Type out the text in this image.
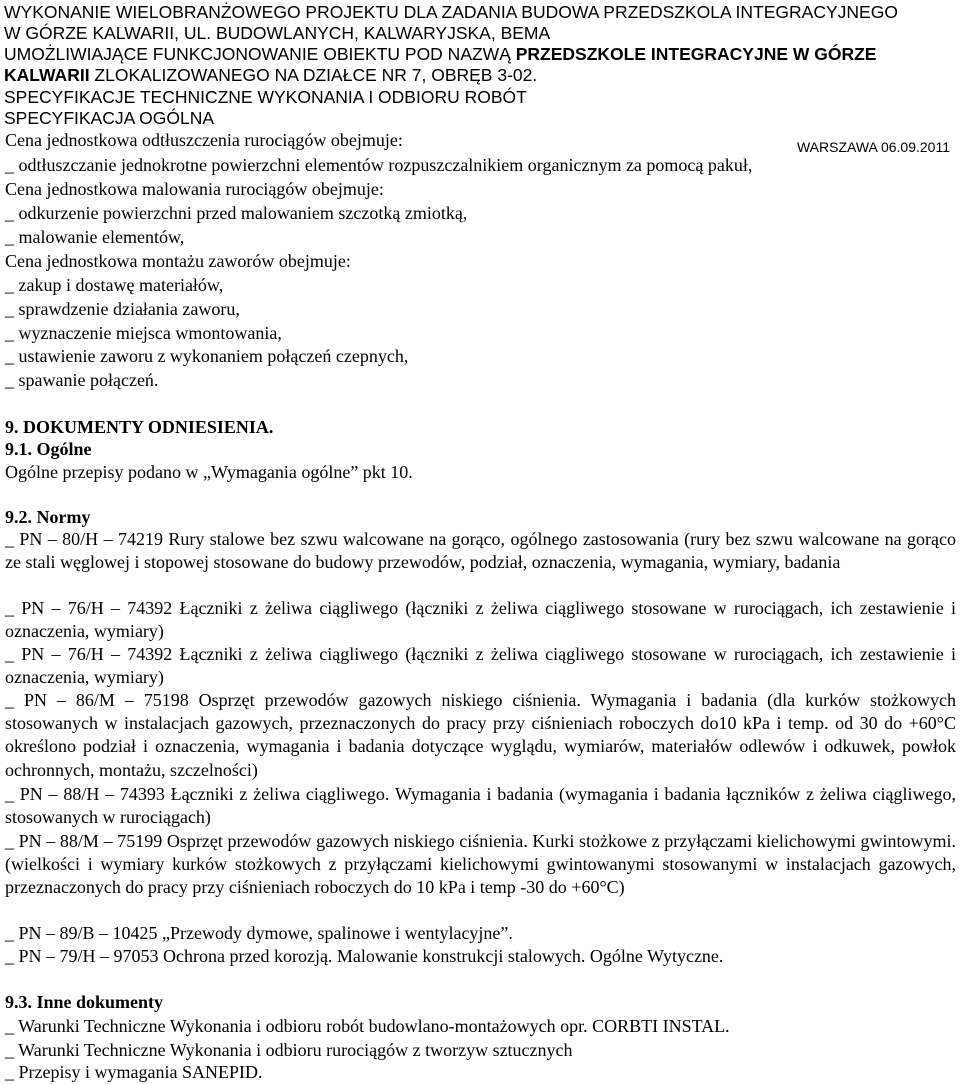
WYKONANIE WIELOBRANŻOWEGO PROJEKTU DLA ZADANIA BUDOWA PRZEDSZKOLA INTEGRACYJNEGO
W GÓRZE KALWARII, UL. BUDOWLANYCH, KALWARYJSKA, BEMA
UMOŻLIWIAJĄCE FUNKCJONOWANIE OBIEKTU POD NAZWĄ PRZEDSZKOLE INTEGRACYJNE W GÓRZE
KALWARII ZLOKALIZOWANEGO NA DZIAŁCE NR 7, OBRĘB 3-02.
SPECYFIKACJE TECHNICZNE WYKONANIA I ODBIORU ROBÓT
SPECYFIKACJA OGÓLNA
WARSZAWA 06.09.2011
Cena jednostkowa odtłuszczenia rurociągów obejmuje:
_ odtłuszczanie jednokrotne powierzchni elementów rozpuszczalnikiem organicznym za pomocą pakuł,
Cena jednostkowa malowania rurociągów obejmuje:
_ odkurzenie powierzchni przed malowaniem szczotką zmiotką,
_ malowanie elementów,
Cena jednostkowa montażu zaworów obejmuje:
_ zakup i dostawę materiałów,
_ sprawdzenie działania zaworu,
_ wyznaczenie miejsca wmontowania,
_ ustawienie zaworu z wykonaniem połączeń czepnych,
_ spawanie połączeń.
9. DOKUMENTY ODNIESIENIA.
9.1. Ogólne
Ogólne przepisy podano w „Wymagania ogólne” pkt 10.
9.2. Normy
_ PN – 80/H – 74219 Rury stalowe bez szwu walcowane na gorąco, ogólnego zastosowania (rury bez szwu walcowane na gorąco ze stali węglowej i stopowej stosowane do budowy przewodów, podział, oznaczenia, wymagania, wymiary, badania
_ PN – 76/H – 74392 Łączniki z żeliwa ciągliwego (łączniki z żeliwa ciągliwego stosowane w rurociągach, ich zestawienie i oznaczenia, wymiary)
_ PN – 76/H – 74392 Łączniki z żeliwa ciągliwego (łączniki z żeliwa ciągliwego stosowane w rurociągach, ich zestawienie i oznaczenia, wymiary)
_ PN – 86/M – 75198 Osprzęt przewodów gazowych niskiego ciśnienia. Wymagania i badania (dla kurków stożkowych stosowanych w instalacjach gazowych, przeznaczonych do pracy przy ciśnieniach roboczych do10 kPa i temp. od 30 do +60°C określono podział i oznaczenia, wymagania i badania dotyczące wyglądu, wymiarów, materiałów odlewów i odkuwek, powłok ochronnych, montażu, szczelności)
_ PN – 88/H – 74393 Łączniki z żeliwa ciągliwego. Wymagania i badania (wymagania i badania łączników z żeliwa ciągliwego, stosowanych w rurociągach)
_ PN – 88/M – 75199 Osprzęt przewodów gazowych niskiego ciśnienia. Kurki stożkowe z przyłączami kielichowymi gwintowymi. (wielkości i wymiary kurków stożkowych z przyłączami kielichowymi gwintowanymi stosowanymi w instalacjach gazowych, przeznaczonych do pracy przy ciśnieniach roboczych do 10 kPa i temp -30 do +60°C)
_ PN – 89/B – 10425 „Przewody dymowe, spalinowe i wentylacyjne”.
_ PN – 79/H – 97053 Ochrona przed korozją. Malowanie konstrukcji stalowych. Ogólne Wytyczne.
9.3. Inne dokumenty
_ Warunki Techniczne Wykonania i odbioru robót budowlano-montażowych opr. CORBTI INSTAL.
_ Warunki Techniczne Wykonania i odbioru rurociągów z tworzyw sztucznych
_ Przepisy i wymagania SANEPID.
